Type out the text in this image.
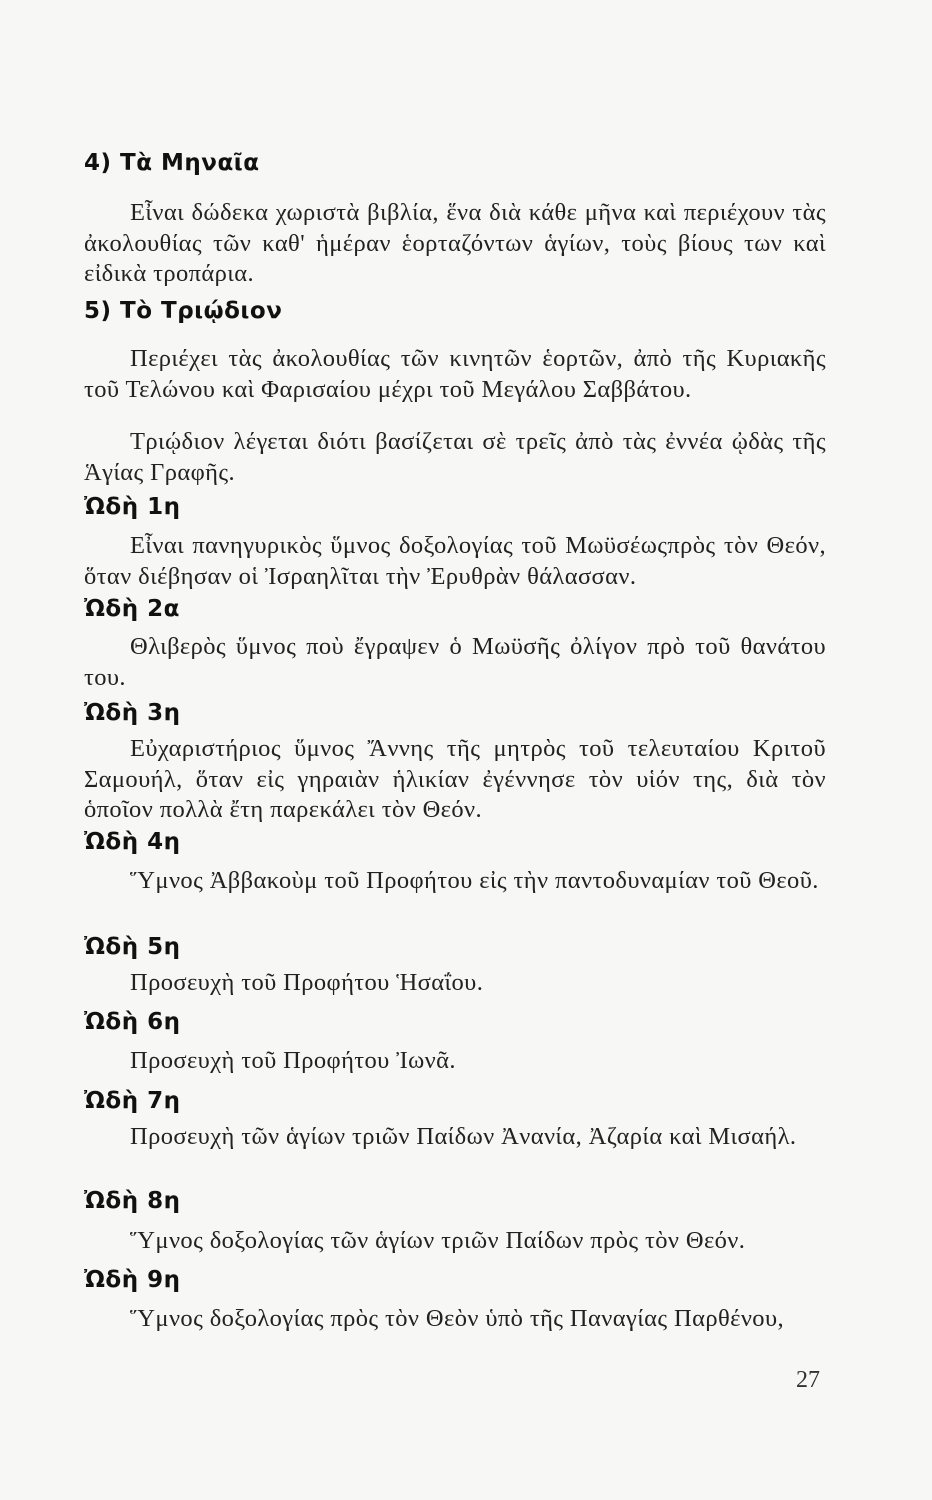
4) Τὰ Μηναῖα
Εἶναι δώδεκα χωριστὰ βιβλία, ἕνα διὰ κάθε μῆνα καὶ περιέχουν τὰς ἀκολουθίας τῶν καθ' ἡμέραν ἑορταζόντων ἁγίων, τοὺς βίους των καὶ εἰδικὰ τροπάρια.
5) Τὸ Τριῴδιον
Περιέχει τὰς ἀκολουθίας τῶν κινητῶν ἑορτῶν, ἀπὸ τῆς Κυριακῆς τοῦ Τελώνου καὶ Φαρισαίου μέχρι τοῦ Μεγάλου Σαββάτου.
Τριῴδιον λέγεται διότι βασίζεται σὲ τρεῖς ἀπὸ τὰς ἐννέα ᾠδὰς τῆς Ἁγίας Γραφῆς.
Ὠδὴ 1η
Εἶναι πανηγυρικὸς ὕμνος δοξολογίας τοῦ Μωϋσέωςπρὸς τὸν Θεόν, ὅταν διέβησαν οἱ Ἰσραηλῖται τὴν Ἐρυθρὰν θάλασσαν.
Ὠδὴ 2α
Θλιβερὸς ὕμνος ποὺ ἔγραψεν ὁ Μωϋσῆς ὀλίγον πρὸ τοῦ θανάτου του.
Ὠδὴ 3η
Εὐχαριστήριος ὕμνος Ἄννης τῆς μητρὸς τοῦ τελευταίου Κριτοῦ Σαμουήλ, ὅταν εἰς γηραιὰν ἡλικίαν ἐγέννησε τὸν υἱόν της, διὰ τὸν ὁποῖον πολλὰ ἔτη παρεκάλει τὸν Θεόν.
Ὠδὴ 4η
Ὕμνος Ἀββακοὺμ τοῦ Προφήτου εἰς τὴν παντοδυναμίαν τοῦ Θεοῦ.
Ὠδὴ 5η
Προσευχὴ τοῦ Προφήτου Ἡσαΐου.
Ὠδὴ 6η
Προσευχὴ τοῦ Προφήτου Ἰωνᾶ.
Ὠδὴ 7η
Προσευχὴ τῶν ἁγίων τριῶν Παίδων Ἀνανία, Ἀζαρία καὶ Μισαήλ.
Ὠδὴ 8η
Ὕμνος δοξολογίας τῶν ἁγίων τριῶν Παίδων πρὸς τὸν Θεόν.
Ὠδὴ 9η
Ὕμνος δοξολογίας πρὸς τὸν Θεὸν ὑπὸ τῆς Παναγίας Παρθένου,
27
